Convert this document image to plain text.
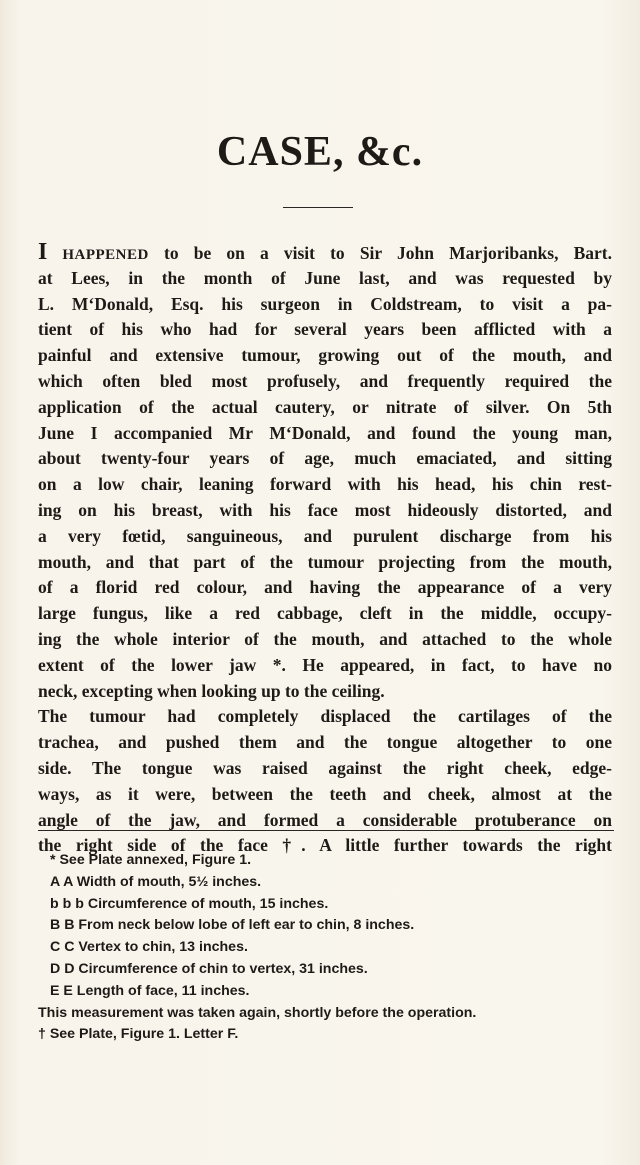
CASE, &c.
I HAPPENED to be on a visit to Sir John Marjoribanks, Bart.
at Lees, in the month of June last, and was requested by
L. M‘Donald, Esq. his surgeon in Coldstream, to visit a pa-
tient of his who had for several years been afflicted with a
painful and extensive tumour, growing out of the mouth, and
which often bled most profusely, and frequently required the
application of the actual cautery, or nitrate of silver. On 5th
June I accompanied Mr M‘Donald, and found the young man,
about twenty-four years of age, much emaciated, and sitting
on a low chair, leaning forward with his head, his chin rest-
ing on his breast, with his face most hideously distorted, and
a very fœtid, sanguineous, and purulent discharge from his
mouth, and that part of the tumour projecting from the mouth,
of a florid red colour, and having the appearance of a very
large fungus, like a red cabbage, cleft in the middle, occupy-
ing the whole interior of the mouth, and attached to the whole
extent of the lower jaw *. He appeared, in fact, to have no
neck, excepting when looking up to the ceiling.
The tumour had completely displaced the cartilages of the
trachea, and pushed them and the tongue altogether to one
side. The tongue was raised against the right cheek, edge-
ways, as it were, between the teeth and cheek, almost at the
angle of the jaw, and formed a considerable protuberance on
the right side of the face †. A little further towards the right
* See Plate annexed, Figure 1.
A A Width of mouth, 5½ inches.
b b b Circumference of mouth, 15 inches.
B B From neck below lobe of left ear to chin, 8 inches.
C C Vertex to chin, 13 inches.
D D Circumference of chin to vertex, 31 inches.
E E Length of face, 11 inches.
This measurement was taken again, shortly before the operation.
† See Plate, Figure 1. Letter F.
